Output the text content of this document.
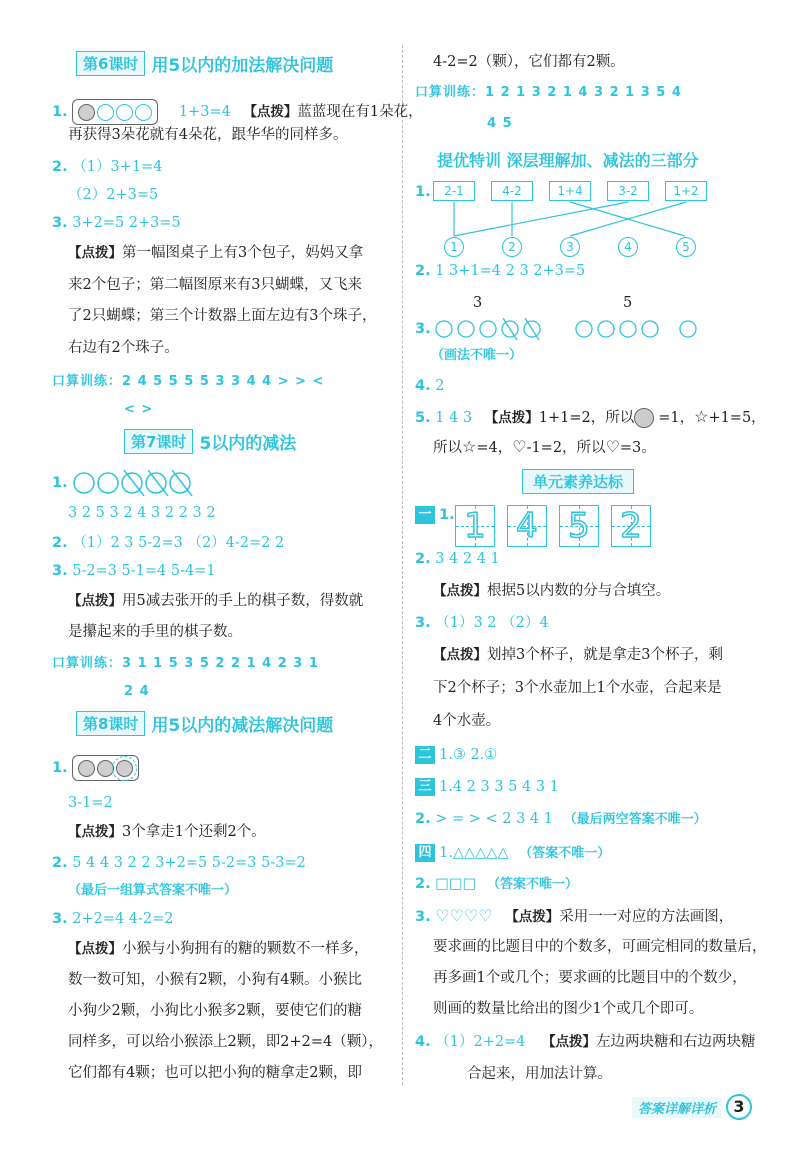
第6课时 用5以内的加法解决问题
1.	1+3=4 【点拨】蓝蓝现在有1朵花，
再获得3朵花就有4朵花，跟华华的同样多。
2. （1）3+1=4
（2）2+3=5
3. 3+2=5 2+3=5
【点拨】第一幅图桌子上有3个包子，妈妈又拿
来2个包子；第二幅图原来有3只蝴蝶，又飞来
了2只蝴蝶；第三个计数器上面左边有3个珠子，
右边有2个珠子。
口算训练：2 4 5 5 5 5 3 3 4 4 > > <
< >
第7课时 5以内的减法
1.
3 2 5 3 2 4 3 2 2 3 2
2. （1）2 3 5-2=3 （2）4-2=2 2
3. 5-2=3 5-1=4 5-4=1
【点拨】用5减去张开的手上的棋子数，得数就
是攥起来的手里的棋子数。
口算训练：3 1 1 5 3 5 2 2 1 4 2 3 1
2 4
第8课时 用5以内的减法解决问题
1.
3-1=2
【点拨】3个拿走1个还剩2个。
2. 5 4 4 3 2 2 3+2=5 5-2=3 5-3=2
（最后一组算式答案不唯一）
3. 2+2=4 4-2=2
【点拨】小猴与小狗拥有的糖的颗数不一样多，
数一数可知，小猴有2颗，小狗有4颗。小猴比
小狗少2颗，小狗比小猴多2颗，要使它们的糖
同样多，可以给小猴添上2颗，即2+2=4（颗），
它们都有4颗；也可以把小狗的糖拿走2颗，即
4-2=2（颗），它们都有2颗。
口算训练：1 2 1 3 2 1 4 3 2 1 3 5 4
4 5
提优特训 深层理解加、减法的三部分
1.	2-1	4-2	1+4	3-2	1+2
1	2	3	4	5
2. 1 3+1=4 2 3 2+3=5
3	5
3.
（画法不唯一）
4. 2
5. 1 4 3 【点拨】1+1=2，所以 =1，☆+1=5，
所以☆=4，♡-1=2，所以♡=3。
单元素养达标
一 1. 1 4 5 2
2. 3 4 2 4 1
【点拨】根据5以内数的分与合填空。
3. （1）3 2 （2）4
【点拨】划掉3个杯子，就是拿走3个杯子，剩
下2个杯子；3个水壶加上1个水壶，合起来是
4个水壶。
二 1.③ 2.①
三 1.4 2 3 3 5 4 3 1
2. > = > < 2 3 4 1 （最后两空答案不唯一）
四 1.△△△△△ （答案不唯一）
2. □□□ （答案不唯一）
3. ♡♡♡♡ 【点拨】采用一一对应的方法画图，
要求画的比题目中的个数多，可画完相同的数量后，
再多画1个或几个；要求画的比题目中的个数少，
则画的数量比给出的图少1个或几个即可。
4. （1）2+2=4 【点拨】左边两块糖和右边两块糖
合起来，用加法计算。
答案详解详析	3
